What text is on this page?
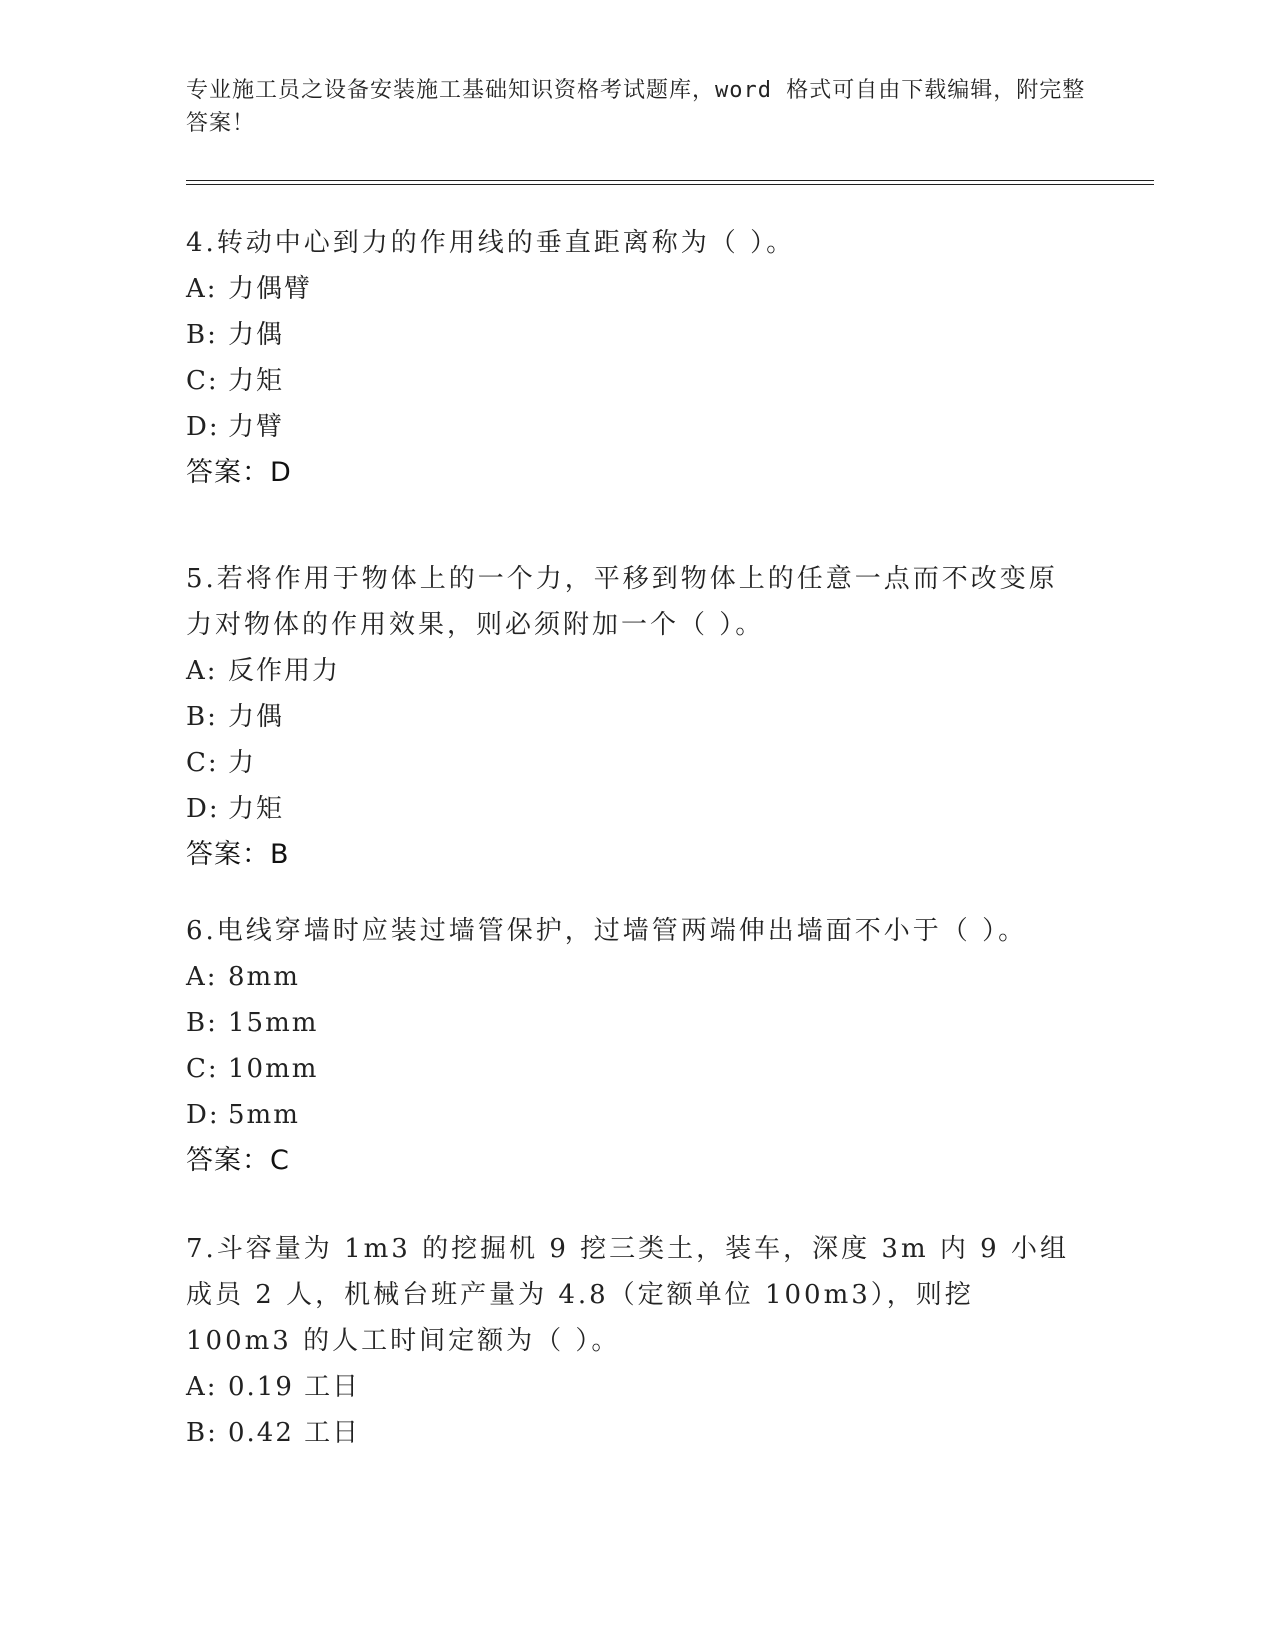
专业施工员之设备安装施工基础知识资格考试题库，word 格式可自由下载编辑，附完整答案！

4.转动中心到力的作用线的垂直距离称为（ ）。

A: 力偶臂

B: 力偶

C: 力矩

D: 力臂

答案：D

5.若将作用于物体上的一个力，平移到物体上的任意一点而不改变原力对物体的作用效果，则必须附加一个（ ）。

A: 反作用力

B: 力偶

C: 力

D: 力矩

答案：B

6.电线穿墙时应装过墙管保护，过墙管两端伸出墙面不小于（ ）。

A: 8mm

B: 15mm

C: 10mm

D: 5mm

答案：C

7.斗容量为 1m3 的挖掘机 9 挖三类土，装车，深度 3m 内 9 小组成员 2 人，机械台班产量为 4.8（定额单位 100m3），则挖 100m3 的人工时间定额为（ ）。

A: 0.19 工日

B: 0.42 工日
